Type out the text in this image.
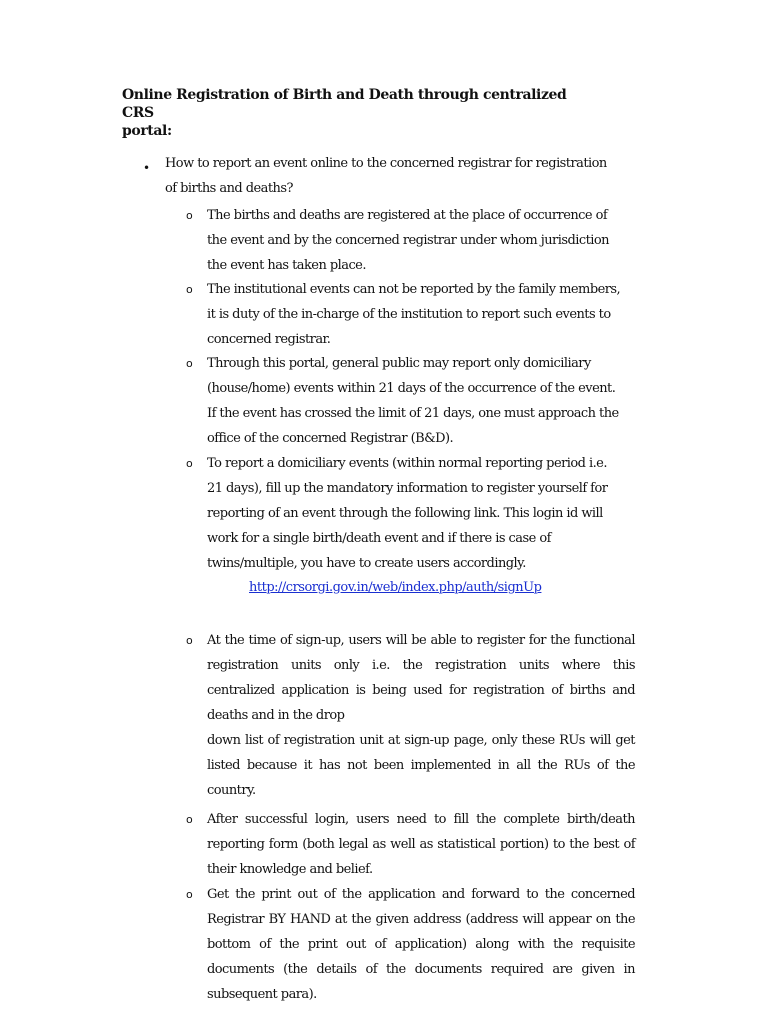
Online Registration of Birth and Death through centralized CRS
portal:
• How to report an event online to the concerned registrar for registration
of births and deaths?
o The births and deaths are registered at the place of occurrence of
the event and by the concerned registrar under whom jurisdiction
the event has taken place.
o The institutional events can not be reported by the family members,
it is duty of the in-charge of the institution to report such events to
concerned registrar.
o Through this portal, general public may report only domiciliary
(house/home) events within 21 days of the occurrence of the event.
If the event has crossed the limit of 21 days, one must approach the
office of the concerned Registrar (B&D).
o To report a domiciliary events (within normal reporting period i.e.
21 days), fill up the mandatory information to register yourself for
reporting of an event through the following link. This login id will
work for a single birth/death event and if there is case of
twins/multiple, you have to create users accordingly.
http://crsorgi.gov.in/web/index.php/auth/signUp
o At the time of sign-up, users will be able to register for the functional
registration units only i.e. the registration units where this
centralized application is being used for registration of births and
deaths and in the drop
down list of registration unit at sign-up page, only these RUs will get
listed because it has not been implemented in all the RUs of the
country.
o After successful login, users need to fill the complete birth/death
reporting form (both legal as well as statistical portion) to the best of
their knowledge and belief.
o Get the print out of the application and forward to the concerned
Registrar BY HAND at the given address (address will appear on the
bottom of the print out of application) along with the requisite
documents (the details of the documents required are given in
subsequent para).
